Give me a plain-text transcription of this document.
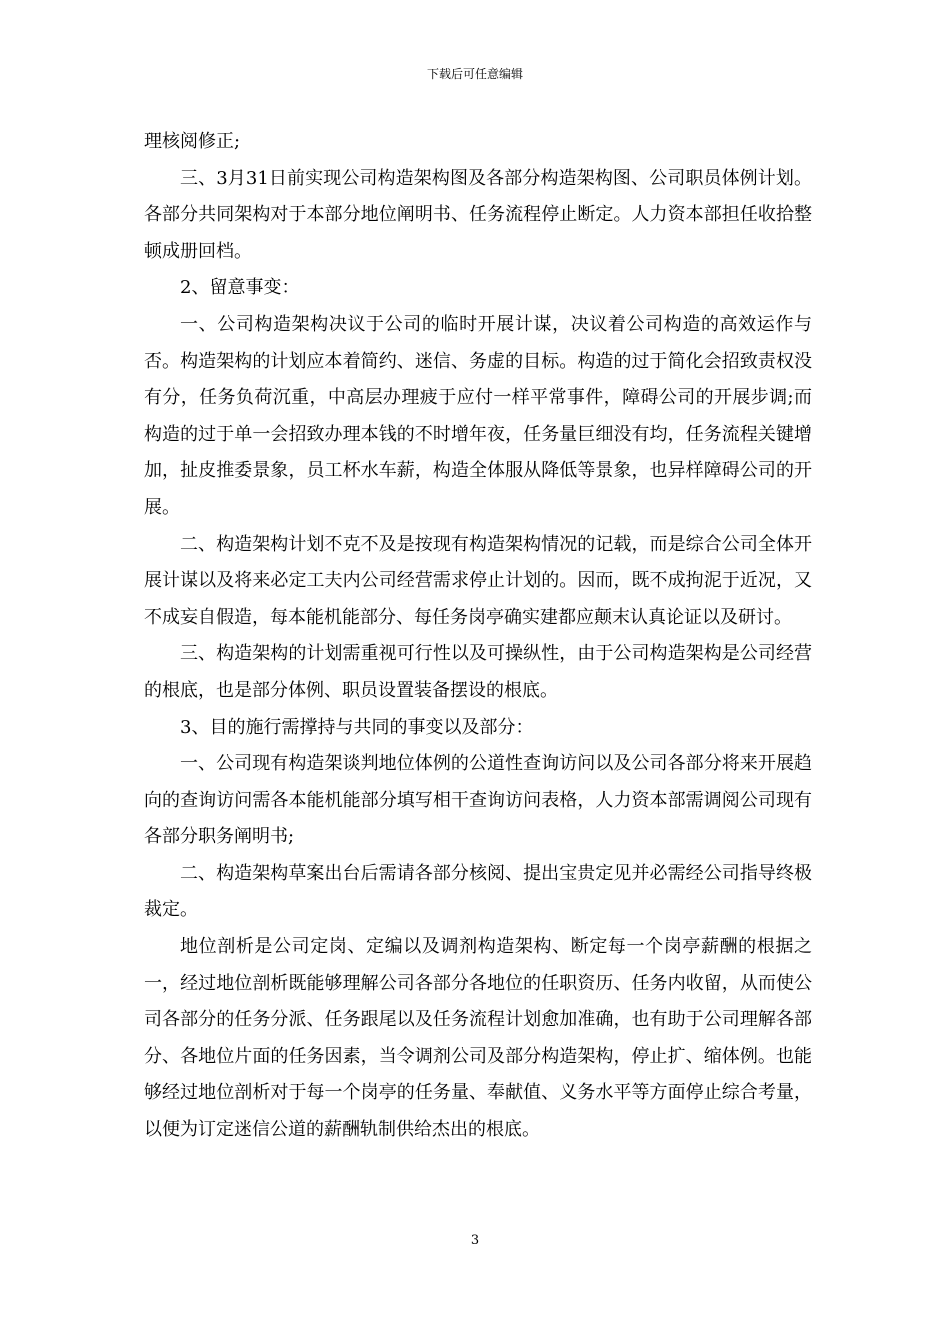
下载后可任意编辑

理核阅修正;

三、3月31日前实现公司构造架构图及各部分构造架构图、公司职员体例计划。各部分共同架构对于本部分地位阐明书、任务流程停止断定。人力资本部担任收拾整顿成册回档。

2、留意事变：

一、公司构造架构决议于公司的临时开展计谋，决议着公司构造的高效运作与否。构造架构的计划应本着简约、迷信、务虚的目标。构造的过于简化会招致责权没有分，任务负荷沉重，中高层办理疲于应付一样平常事件，障碍公司的开展步调;而构造的过于单一会招致办理本钱的不时增年夜，任务量巨细没有均，任务流程关键增加，扯皮推委景象，员工杯水车薪，构造全体服从降低等景象，也异样障碍公司的开展。

二、构造架构计划不克不及是按现有构造架构情况的记载，而是综合公司全体开展计谋以及将来必定工夫内公司经营需求停止计划的。因而，既不成拘泥于近况，又不成妄自假造，每本能机能部分、每任务岗亭确实建都应颠末认真论证以及研讨。

三、构造架构的计划需重视可行性以及可操纵性，由于公司构造架构是公司经营的根底，也是部分体例、职员设置装备摆设的根底。

3、目的施行需撑持与共同的事变以及部分：

一、公司现有构造架谈判地位体例的公道性查询访问以及公司各部分将来开展趋向的查询访问需各本能机能部分填写相干查询访问表格，人力资本部需调阅公司现有各部分职务阐明书;

二、构造架构草案出台后需请各部分核阅、提出宝贵定见并必需经公司指导终极裁定。

地位剖析是公司定岗、定编以及调剂构造架构、断定每一个岗亭薪酬的根据之一，经过地位剖析既能够理解公司各部分各地位的任职资历、任务内收留，从而使公司各部分的任务分派、任务跟尾以及任务流程计划愈加准确，也有助于公司理解各部分、各地位片面的任务因素，当令调剂公司及部分构造架构，停止扩、缩体例。也能够经过地位剖析对于每一个岗亭的任务量、奉献值、义务水平等方面停止综合考量，以便为订定迷信公道的薪酬轨制供给杰出的根底。

3
